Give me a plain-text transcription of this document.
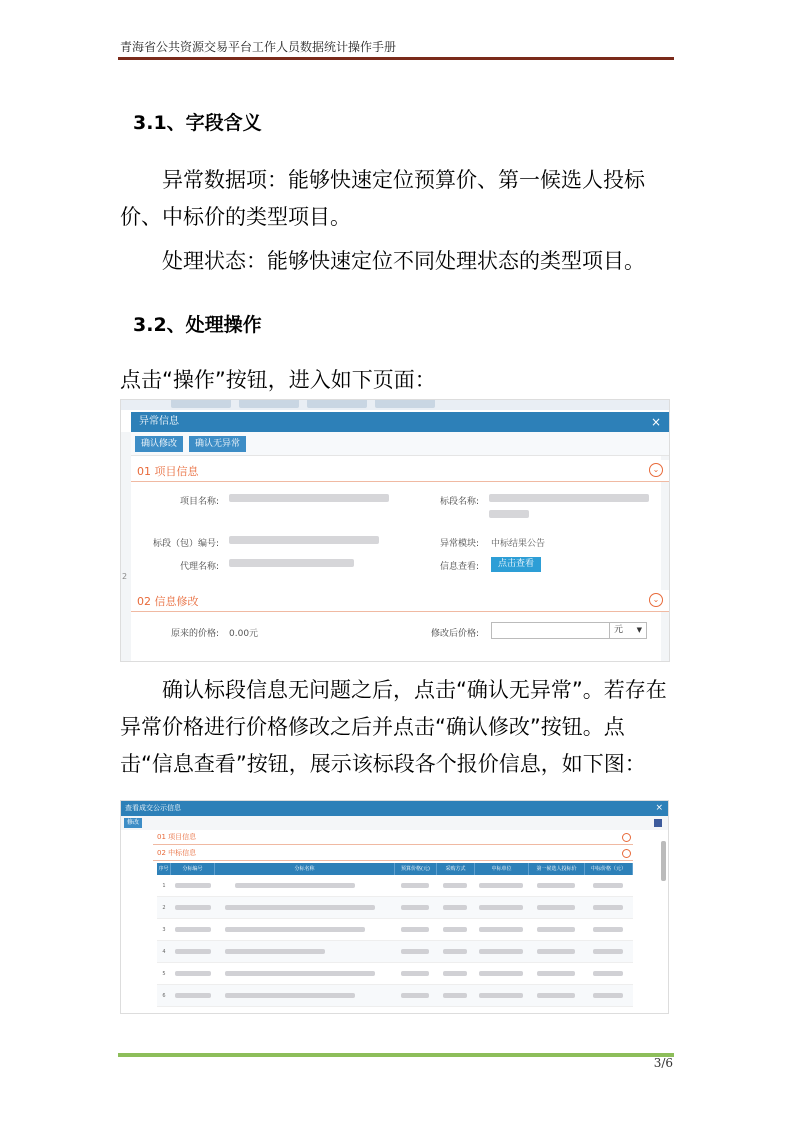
青海省公共资源交易平台工作人员数据统计操作手册
3.1、字段含义
异常数据项：能够快速定位预算价、第一候选人投标价、中标价的类型项目。
处理状态：能够快速定位不同处理状态的类型项目。
3.2、处理操作
点击“操作”按钮，进入如下页面：
2
异常信息	×
确认修改	确认无异常
01 项目信息	⌄
项目名称:	标段名称:
标段（包）编号:	异常模块: 中标结果公告
代理名称:	信息查看:	点击查看
02 信息修改	⌄
原来的价格: 0.00元	修改后价格:	元 ▼
确认标段信息无问题之后，点击“确认无异常”。若存在异常价格进行价格修改之后并点击“确认修改”按钮。点击“信息查看”按钮，展示该标段各个报价信息，如下图：
查看成交公示信息	×
修改
01 项目信息
02 中标信息
序号	分标编号	分标名称	预算价格(元)	采购方式	中标单位	第一候选人投标价	中标价格（元）
1
2
3
4
5
6
3/6
